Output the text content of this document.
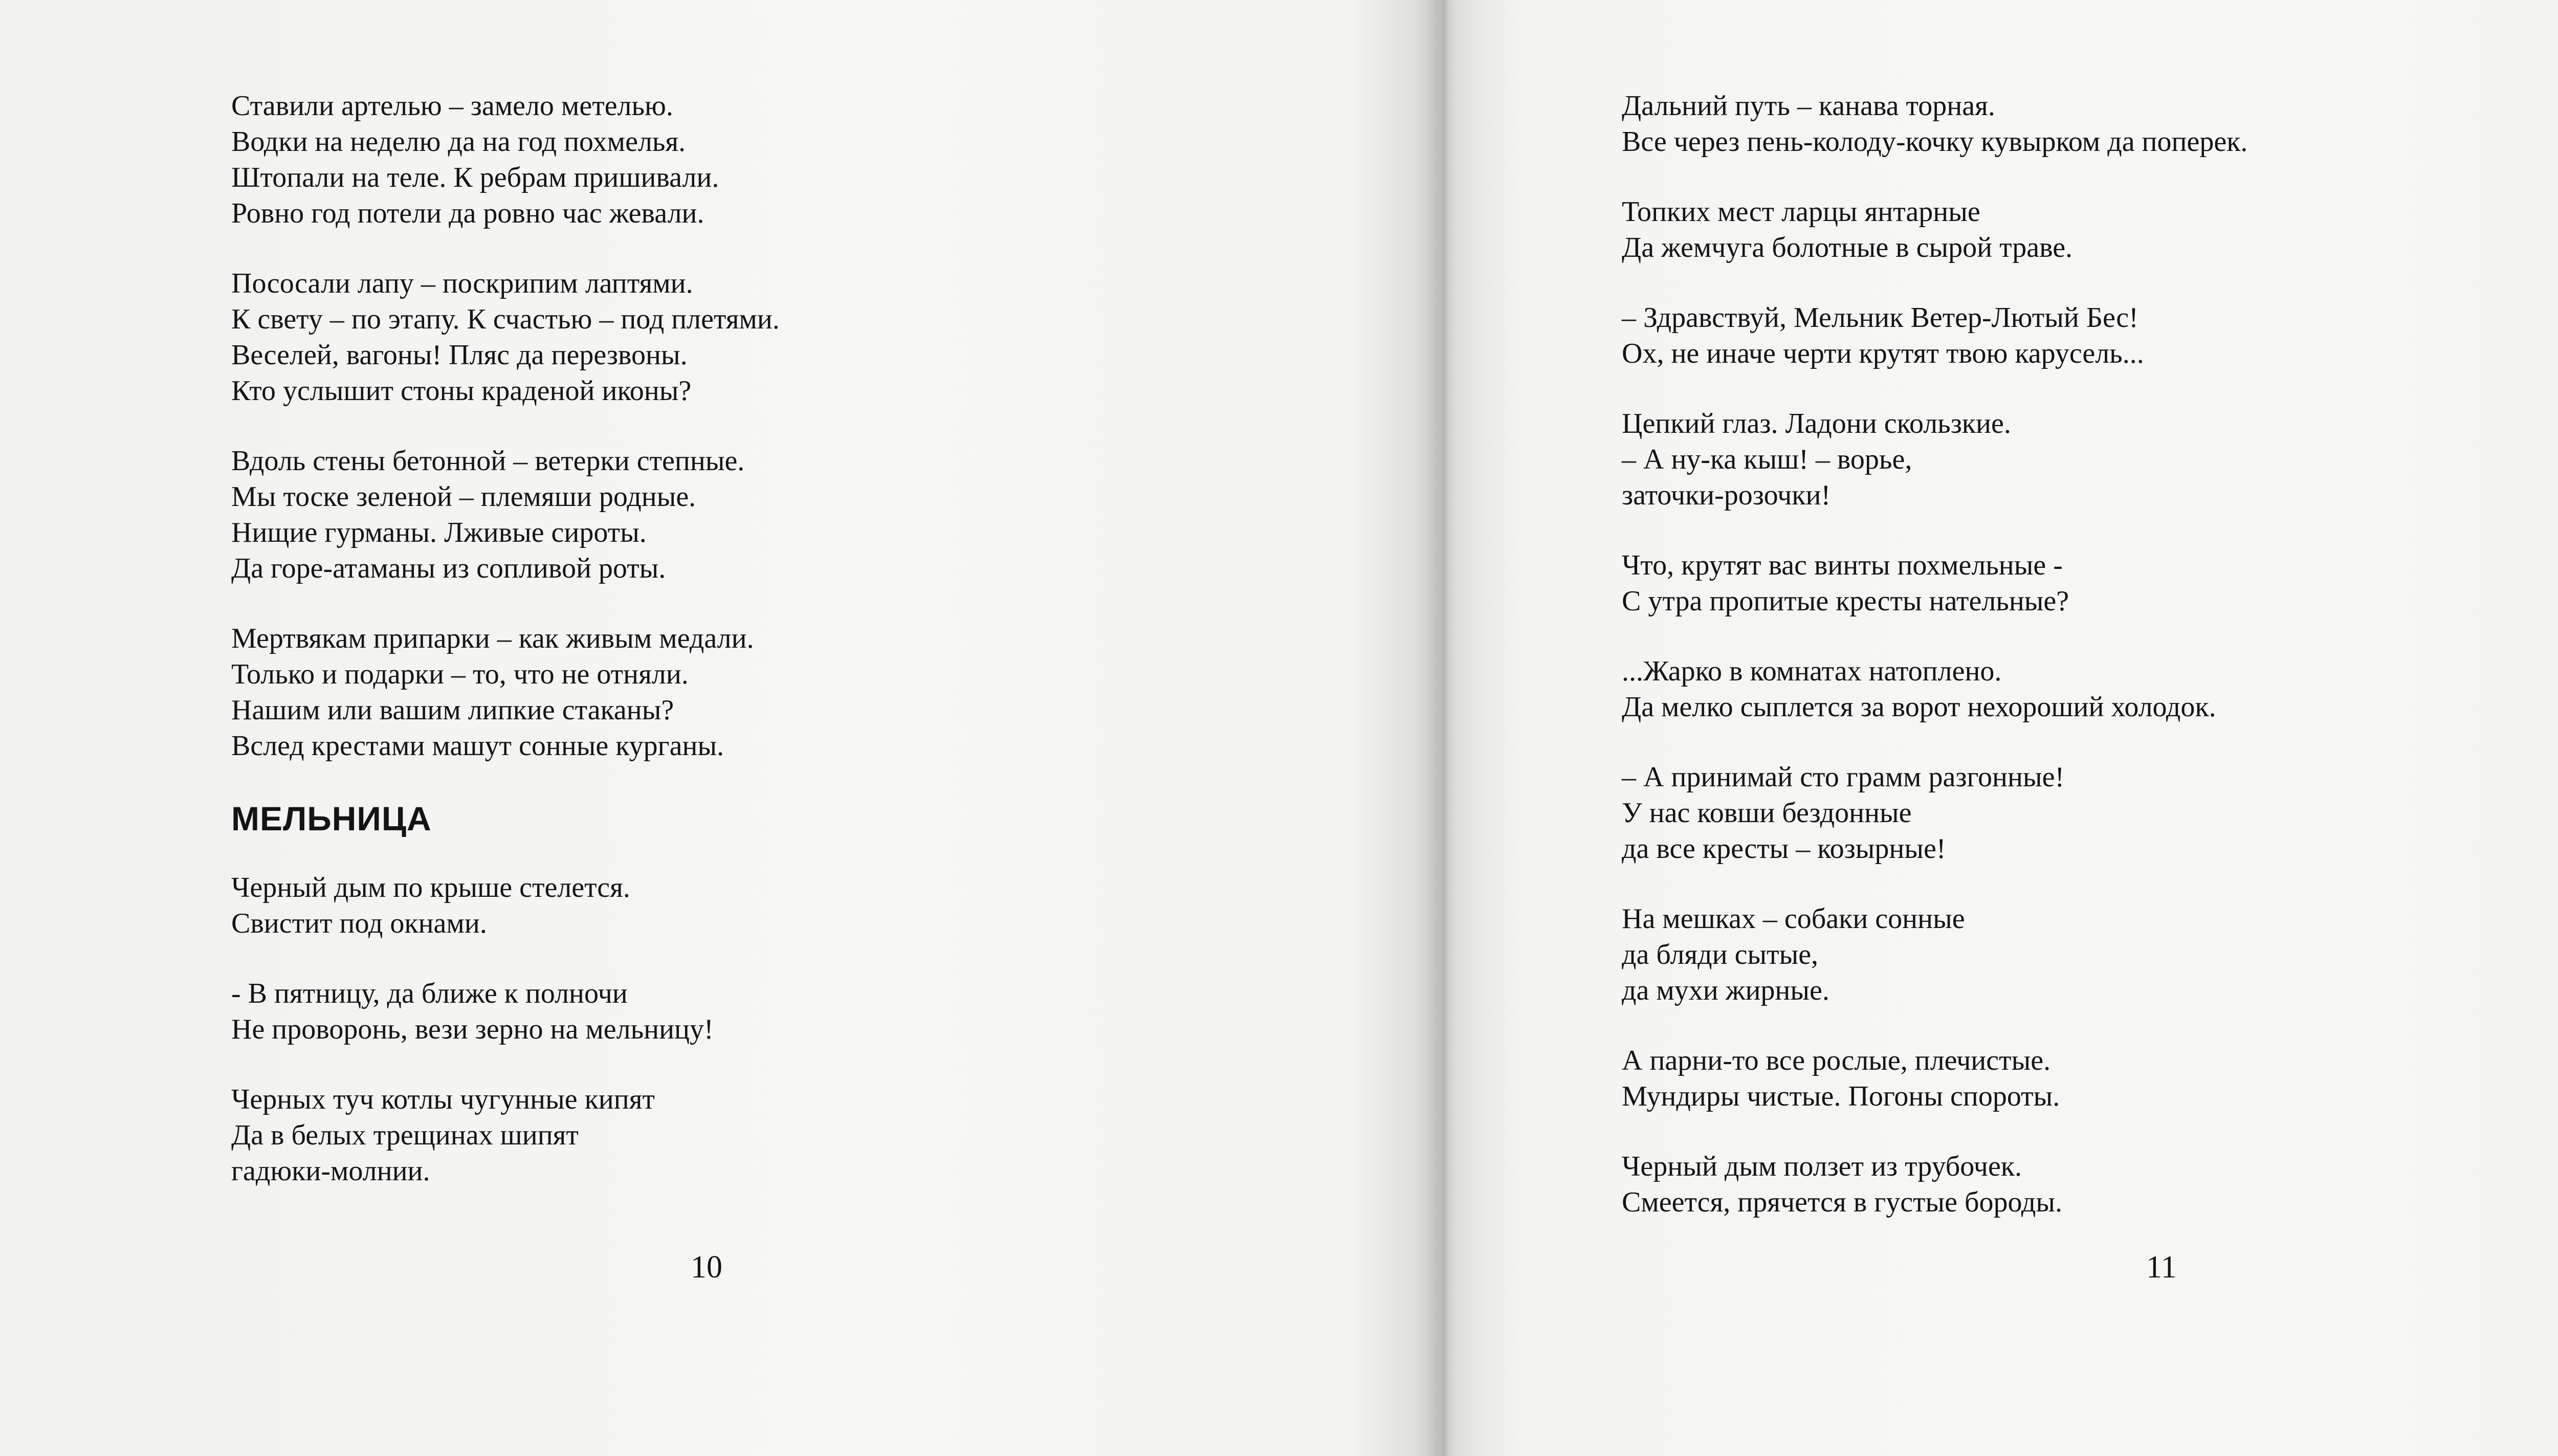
Ставили артелью – замело метелью.
Водки на неделю да на год похмелья.
Штопали на теле. К ребрам пришивали.
Ровно год потели да ровно час жевали.
Пососали лапу – поскрипим лаптями.
К свету – по этапу. К счастью – под плетями.
Веселей, вагоны! Пляс да перезвоны.
Кто услышит стоны краденой иконы?
Вдоль стены бетонной – ветерки степные.
Мы тоске зеленой – племяши родные.
Нищие гурманы. Лживые сироты.
Да горе-атаманы из сопливой роты.
Мертвякам припарки – как живым медали.
Только и подарки – то, что не отняли.
Нашим или вашим липкие стаканы?
Вслед крестами машут сонные курганы.
МЕЛЬНИЦА
Черный дым по крыше стелется.
Свистит под окнами.
- В пятницу, да ближе к полночи
Не проворонь, вези зерно на мельницу!
Черных туч котлы чугунные кипят
Да в белых трещинах шипят
гадюки-молнии.
10
Дальний путь – канава торная.
Все через пень-колоду-кочку кувырком да поперек.
Топких мест ларцы янтарные
Да жемчуга болотные в сырой траве.
– Здравствуй, Мельник Ветер-Лютый Бес!
Ох, не иначе черти крутят твою карусель...
Цепкий глаз. Ладони скользкие.
– А ну-ка кыш! – ворье,
заточки-розочки!
Что, крутят вас винты похмельные -
С утра пропитые кресты нательные?
...Жарко в комнатах натоплено.
Да мелко сыплется за ворот нехороший холодок.
– А принимай сто грамм разгонные!
У нас ковши бездонные
да все кресты – козырные!
На мешках – собаки сонные
да бляди сытые,
да мухи жирные.
А парни-то все рослые, плечистые.
Мундиры чистые. Погоны спороты.
Черный дым ползет из трубочек.
Смеется, прячется в густые бороды.
11
